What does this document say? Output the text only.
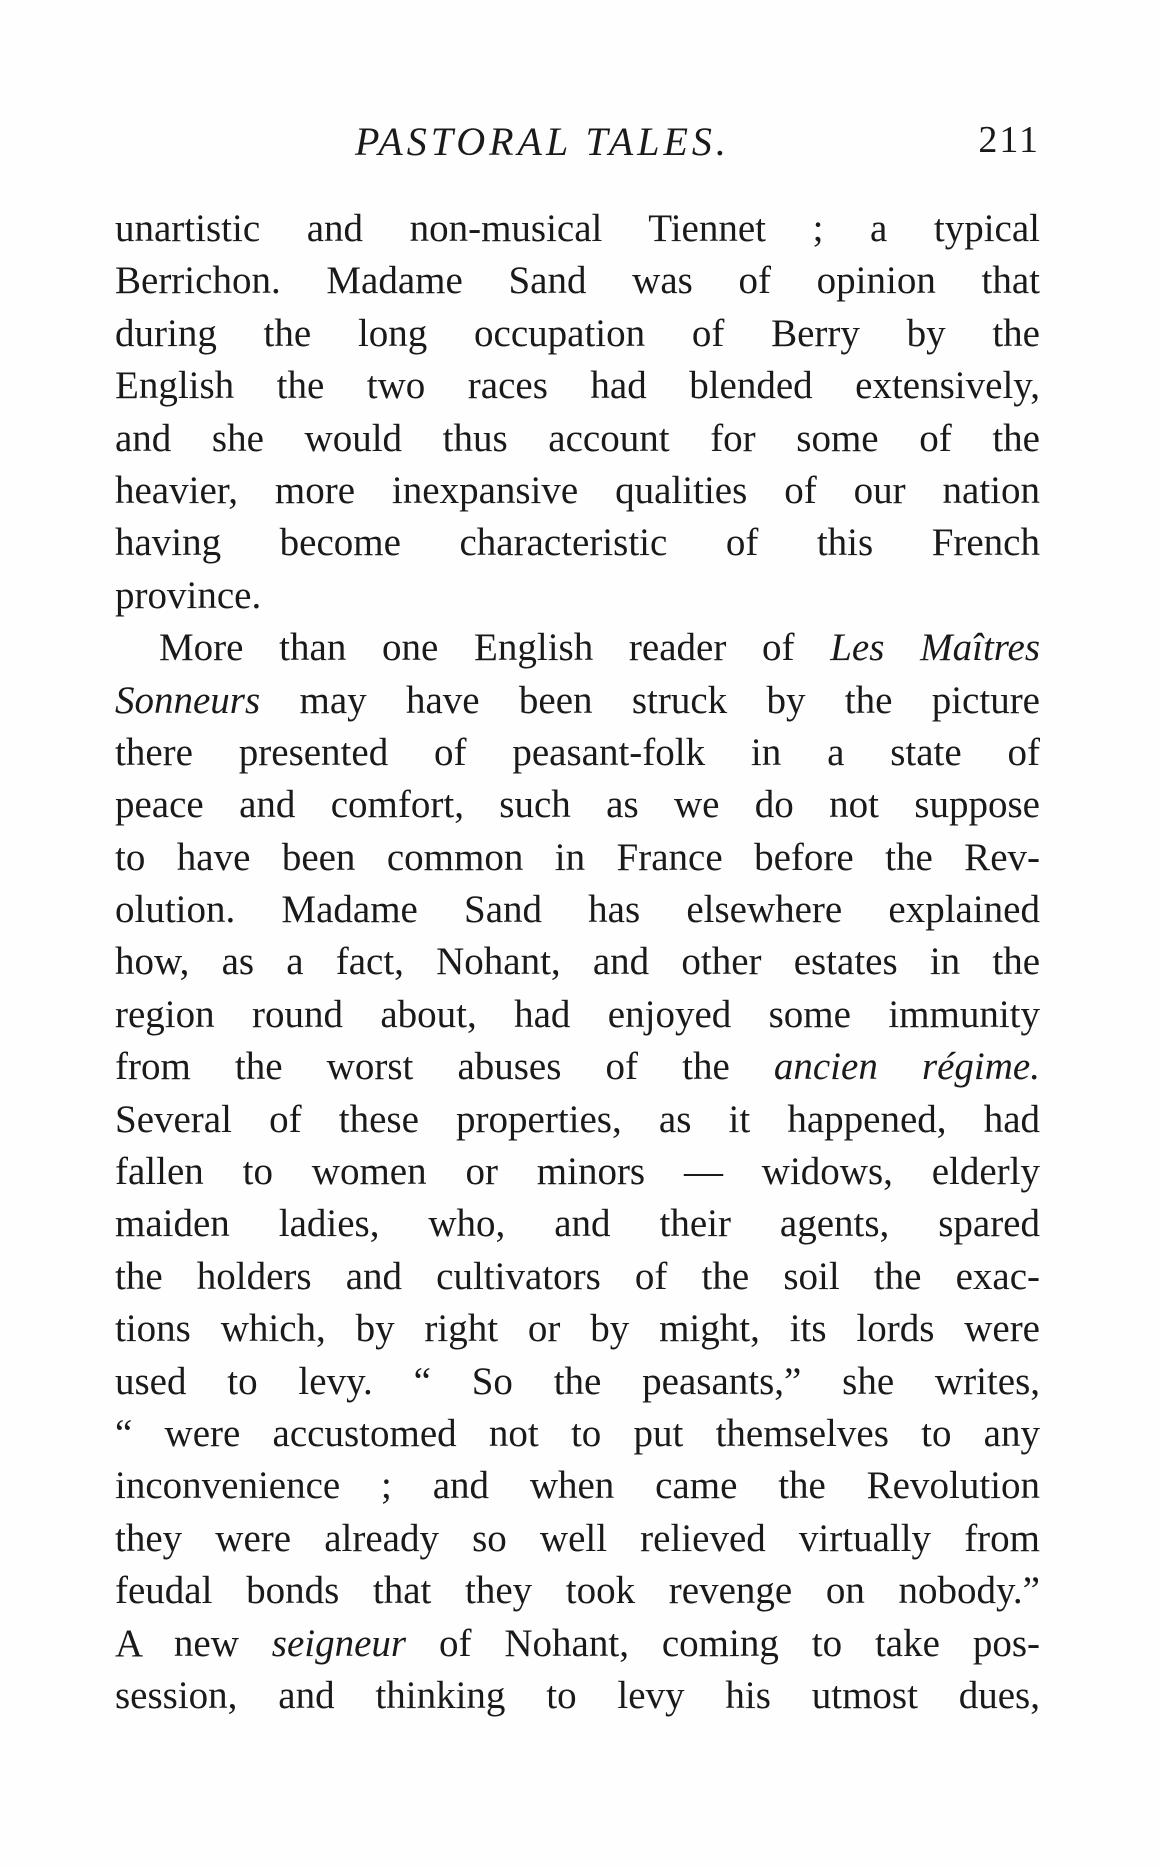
PASTORAL TALES.	211
unartistic and non-musical Tiennet ; a typical
Berrichon. Madame Sand was of opinion that
during the long occupation of Berry by the
English the two races had blended extensively,
and she would thus account for some of the
heavier, more inexpansive qualities of our nation
having become characteristic of this French
province.
More than one English reader of Les Maîtres
Sonneurs may have been struck by the picture
there presented of peasant-folk in a state of
peace and comfort, such as we do not suppose
to have been common in France before the Rev-
olution. Madame Sand has elsewhere explained
how, as a fact, Nohant, and other estates in the
region round about, had enjoyed some immunity
from the worst abuses of the ancien régime.
Several of these properties, as it happened, had
fallen to women or minors — widows, elderly
maiden ladies, who, and their agents, spared
the holders and cultivators of the soil the exac-
tions which, by right or by might, its lords were
used to levy. “ So the peasants,” she writes,
“ were accustomed not to put themselves to any
inconvenience ; and when came the Revolution
they were already so well relieved virtually from
feudal bonds that they took revenge on nobody.”
A new seigneur of Nohant, coming to take pos-
session, and thinking to levy his utmost dues,
